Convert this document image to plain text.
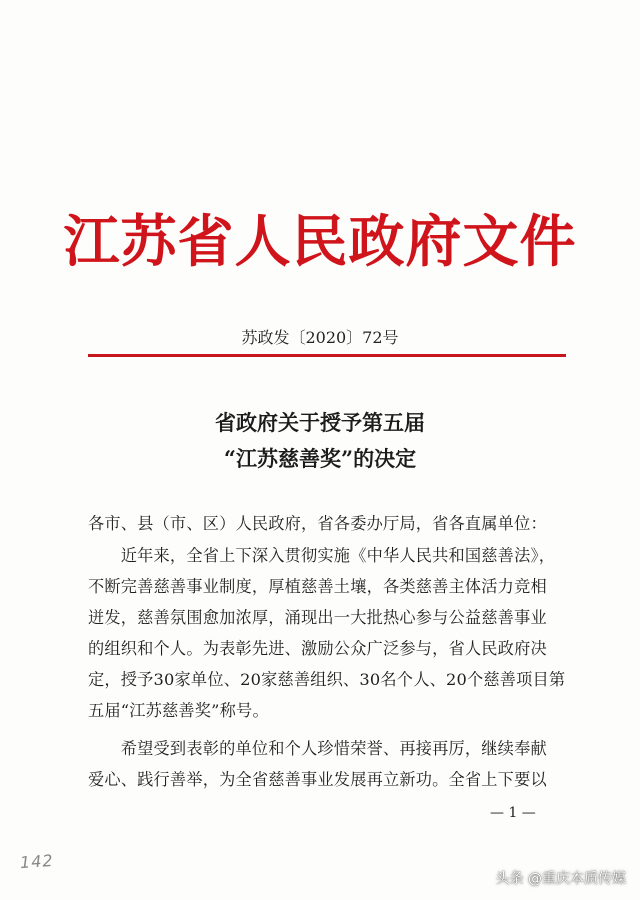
江苏省人民政府文件
苏政发〔2020〕72号
省政府关于授予第五届
“江苏慈善奖”的决定
各市、县（市、区）人民政府，省各委办厅局，省各直属单位：
　　近年来，全省上下深入贯彻实施《中华人民共和国慈善法》，
不断完善慈善事业制度，厚植慈善土壤，各类慈善主体活力竞相
迸发，慈善氛围愈加浓厚，涌现出一大批热心参与公益慈善事业
的组织和个人。为表彰先进、激励公众广泛参与，省人民政府决
定，授予30家单位、20家慈善组织、30名个人、20个慈善项目第
五届“江苏慈善奖”称号。
　　希望受到表彰的单位和个人珍惜荣誉、再接再厉，继续奉献
爱心、践行善举，为全省慈善事业发展再立新功。全省上下要以
— 1 —
142
头条 @重庆本质传媒
